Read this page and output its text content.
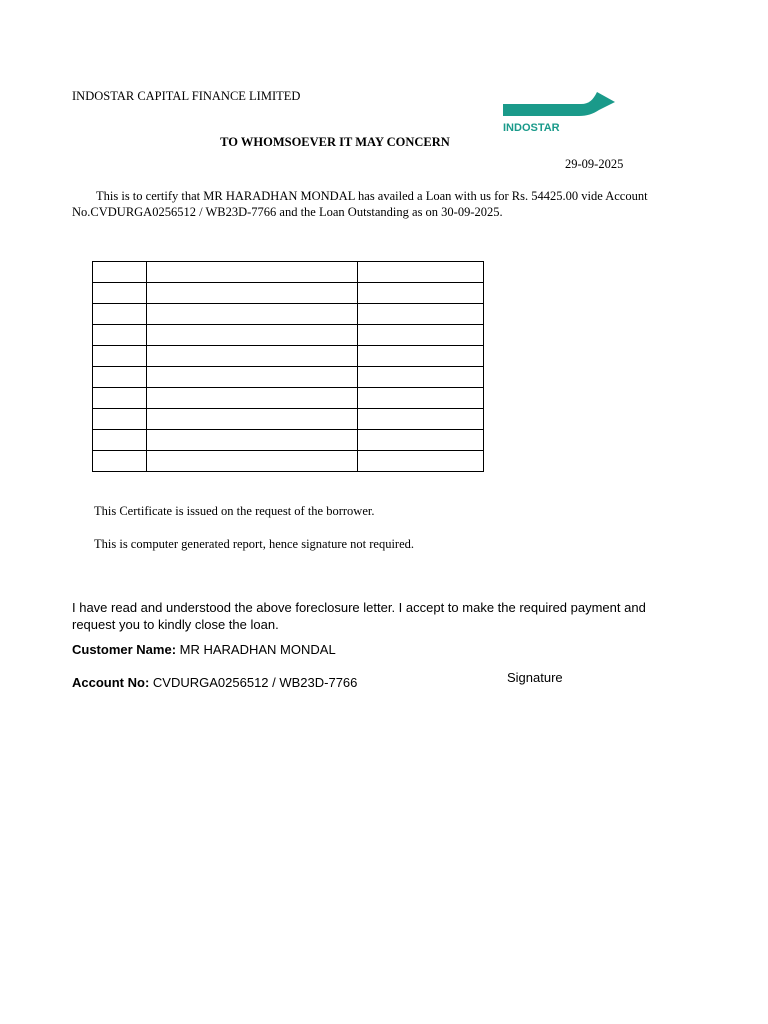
INDOSTAR CAPITAL FINANCE LIMITED
INDOSTAR
TO WHOMSOEVER IT MAY CONCERN
29-09-2025
This is to certify that MR HARADHAN MONDAL has availed a Loan with us for Rs. 54425.00 vide Account No.CVDURGA0256512 / WB23D-7766 and the Loan Outstanding as on 30-09-2025.

This Certificate is issued on the request of the borrower.
This is computer generated report, hence signature not required.
I have read and understood the above foreclosure letter. I accept to make the required payment and request you to kindly close the loan.
Customer Name: MR HARADHAN MONDAL
Account No: CVDURGA0256512 / WB23D-7766	Signature
